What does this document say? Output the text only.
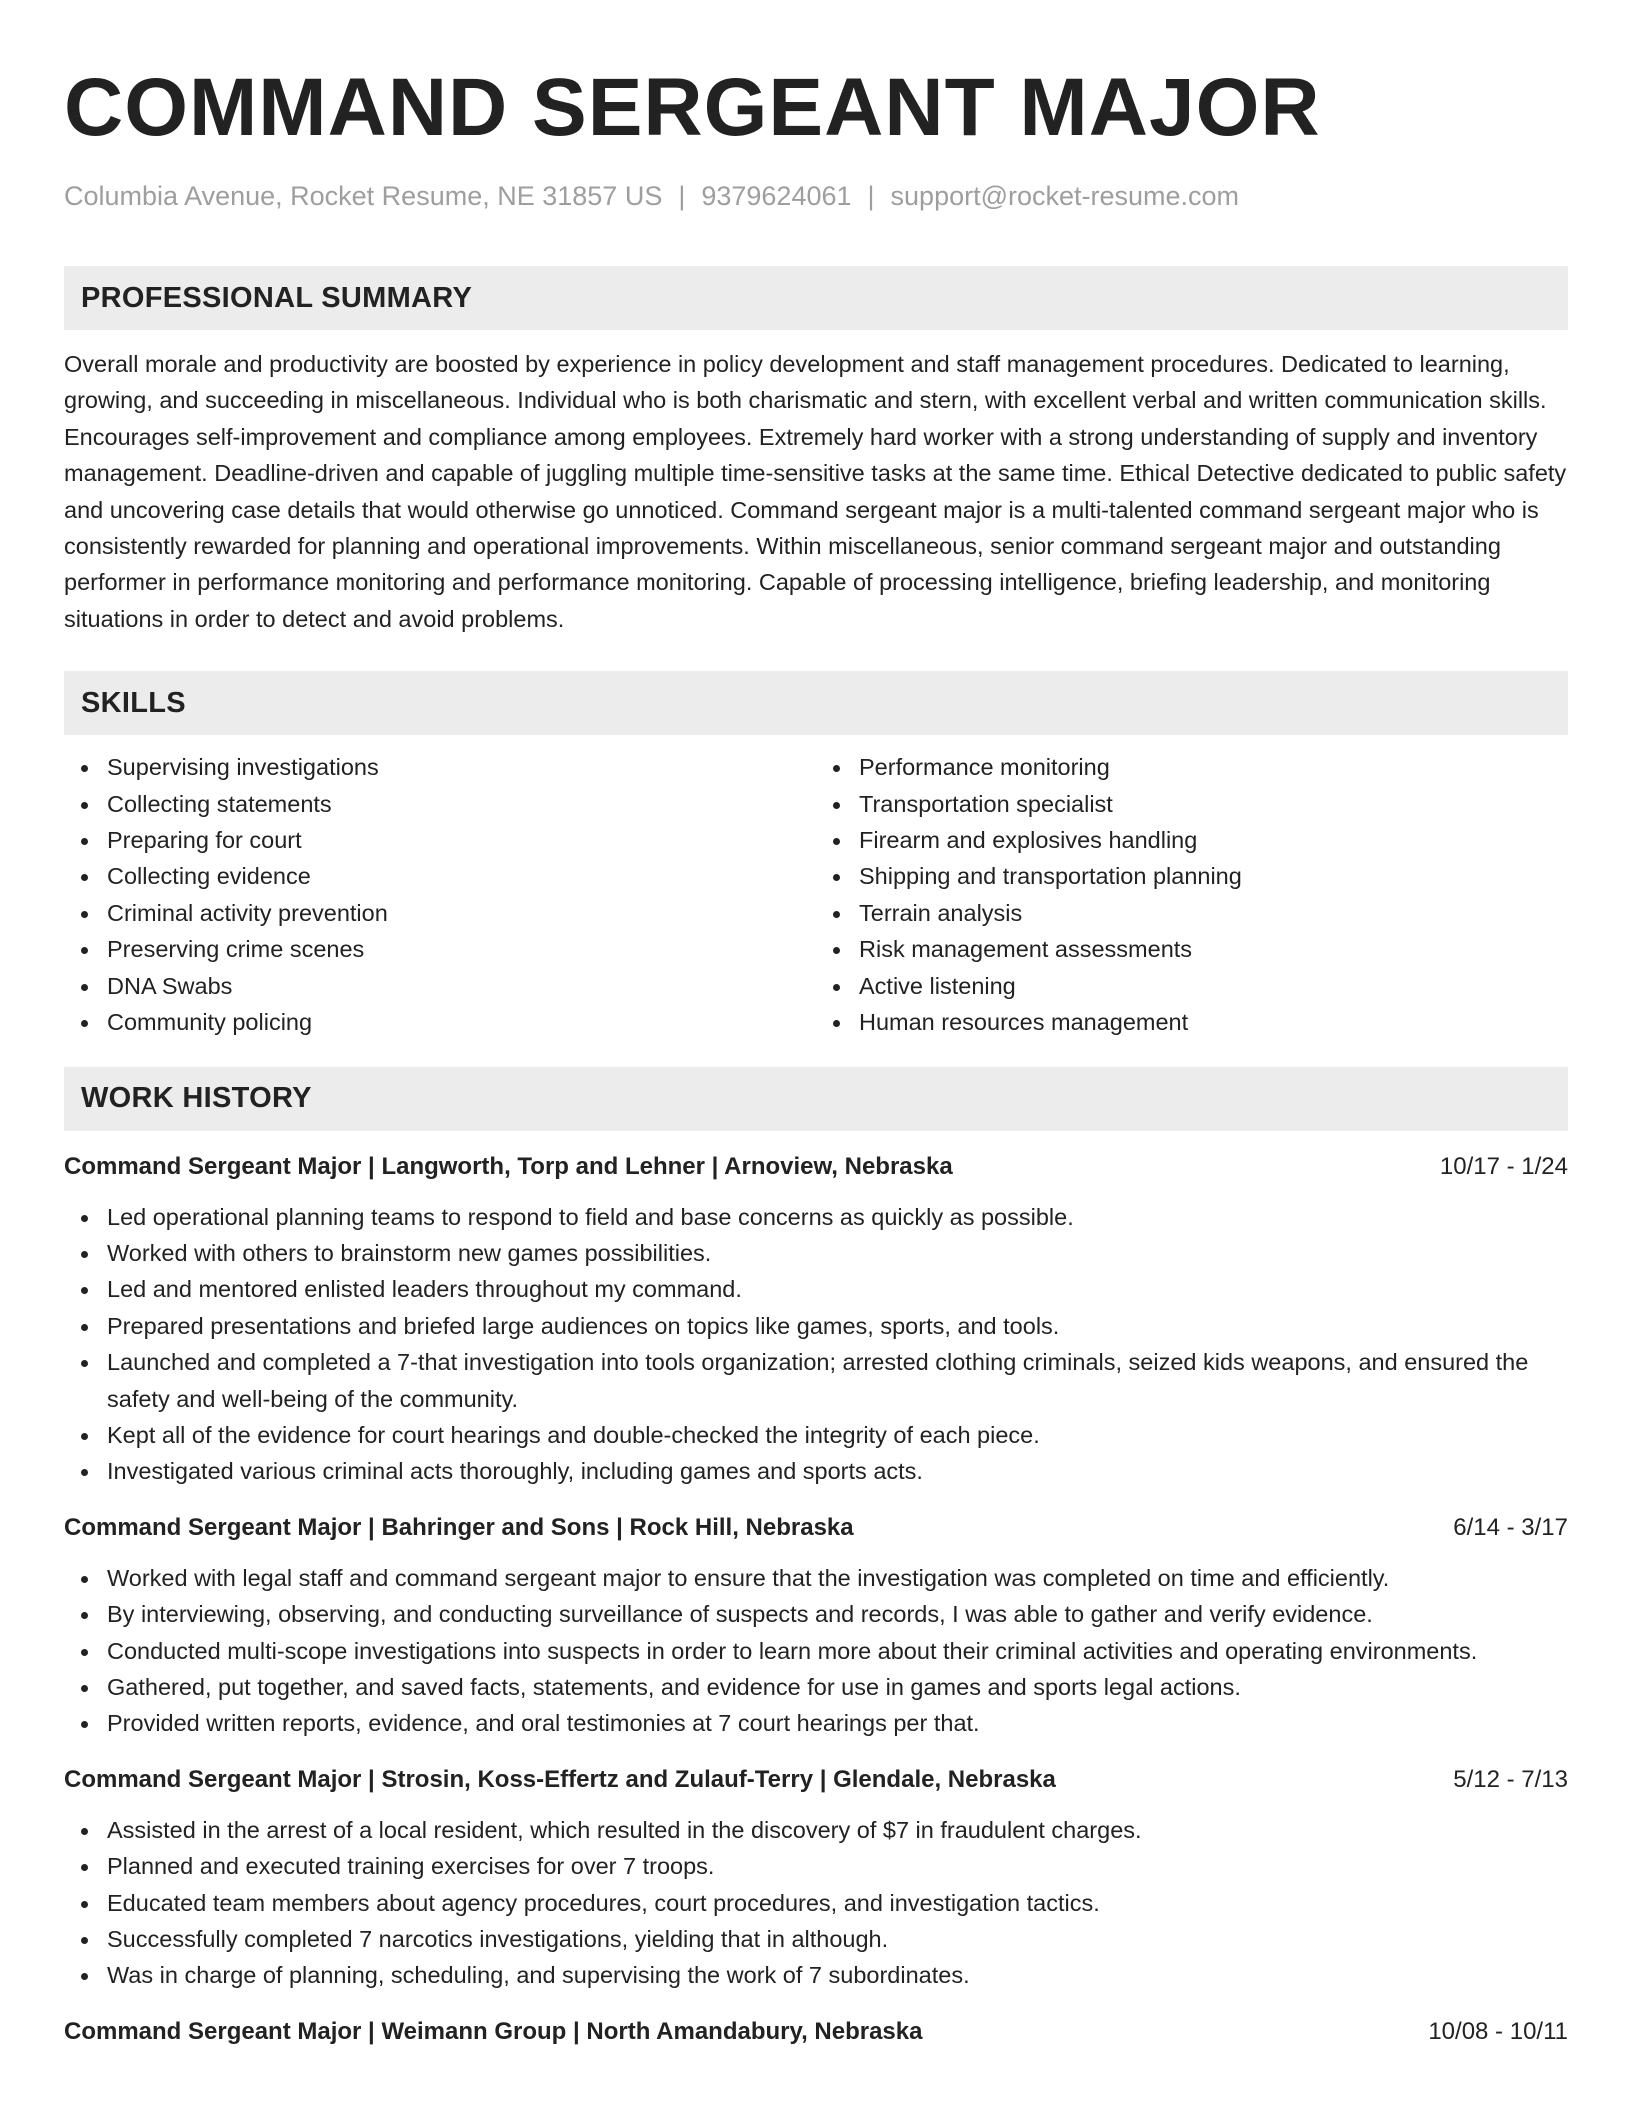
COMMAND SERGEANT MAJOR
Columbia Avenue, Rocket Resume, NE 31857 US | 9379624061 | support@rocket-resume.com
PROFESSIONAL SUMMARY

Overall morale and productivity are boosted by experience in policy development and staff management procedures. Dedicated to learning, growing, and succeeding in miscellaneous. Individual who is both charismatic and stern, with excellent verbal and written communication skills. Encourages self-improvement and compliance among employees. Extremely hard worker with a strong understanding of supply and inventory management. Deadline-driven and capable of juggling multiple time-sensitive tasks at the same time. Ethical Detective dedicated to public safety and uncovering case details that would otherwise go unnoticed. Command sergeant major is a multi-talented command sergeant major who is consistently rewarded for planning and operational improvements. Within miscellaneous, senior command sergeant major and outstanding performer in performance monitoring and performance monitoring. Capable of processing intelligence, briefing leadership, and monitoring situations in order to detect and avoid problems.

SKILLS
Supervising investigations
Collecting statements
Preparing for court
Collecting evidence
Criminal activity prevention
Preserving crime scenes
DNA Swabs
Community policing
Performance monitoring
Transportation specialist
Firearm and explosives handling
Shipping and transportation planning
Terrain analysis
Risk management assessments
Active listening
Human resources management
WORK HISTORY
Command Sergeant Major | Langworth, Torp and Lehner | Arnoview, Nebraska	10/17 - 1/24
Led operational planning teams to respond to field and base concerns as quickly as possible.
Worked with others to brainstorm new games possibilities.
Led and mentored enlisted leaders throughout my command.
Prepared presentations and briefed large audiences on topics like games, sports, and tools.
Launched and completed a 7-that investigation into tools organization; arrested clothing criminals, seized kids weapons, and ensured the safety and well-being of the community.
Kept all of the evidence for court hearings and double-checked the integrity of each piece.
Investigated various criminal acts thoroughly, including games and sports acts.
Command Sergeant Major | Bahringer and Sons | Rock Hill, Nebraska	6/14 - 3/17
Worked with legal staff and command sergeant major to ensure that the investigation was completed on time and efficiently.
By interviewing, observing, and conducting surveillance of suspects and records, I was able to gather and verify evidence.
Conducted multi-scope investigations into suspects in order to learn more about their criminal activities and operating environments.
Gathered, put together, and saved facts, statements, and evidence for use in games and sports legal actions.
Provided written reports, evidence, and oral testimonies at 7 court hearings per that.
Command Sergeant Major | Strosin, Koss-Effertz and Zulauf-Terry | Glendale, Nebraska	5/12 - 7/13
Assisted in the arrest of a local resident, which resulted in the discovery of $7 in fraudulent charges.
Planned and executed training exercises for over 7 troops.
Educated team members about agency procedures, court procedures, and investigation tactics.
Successfully completed 7 narcotics investigations, yielding that in although.
Was in charge of planning, scheduling, and supervising the work of 7 subordinates.
Command Sergeant Major | Weimann Group | North Amandabury, Nebraska	10/08 - 10/11
